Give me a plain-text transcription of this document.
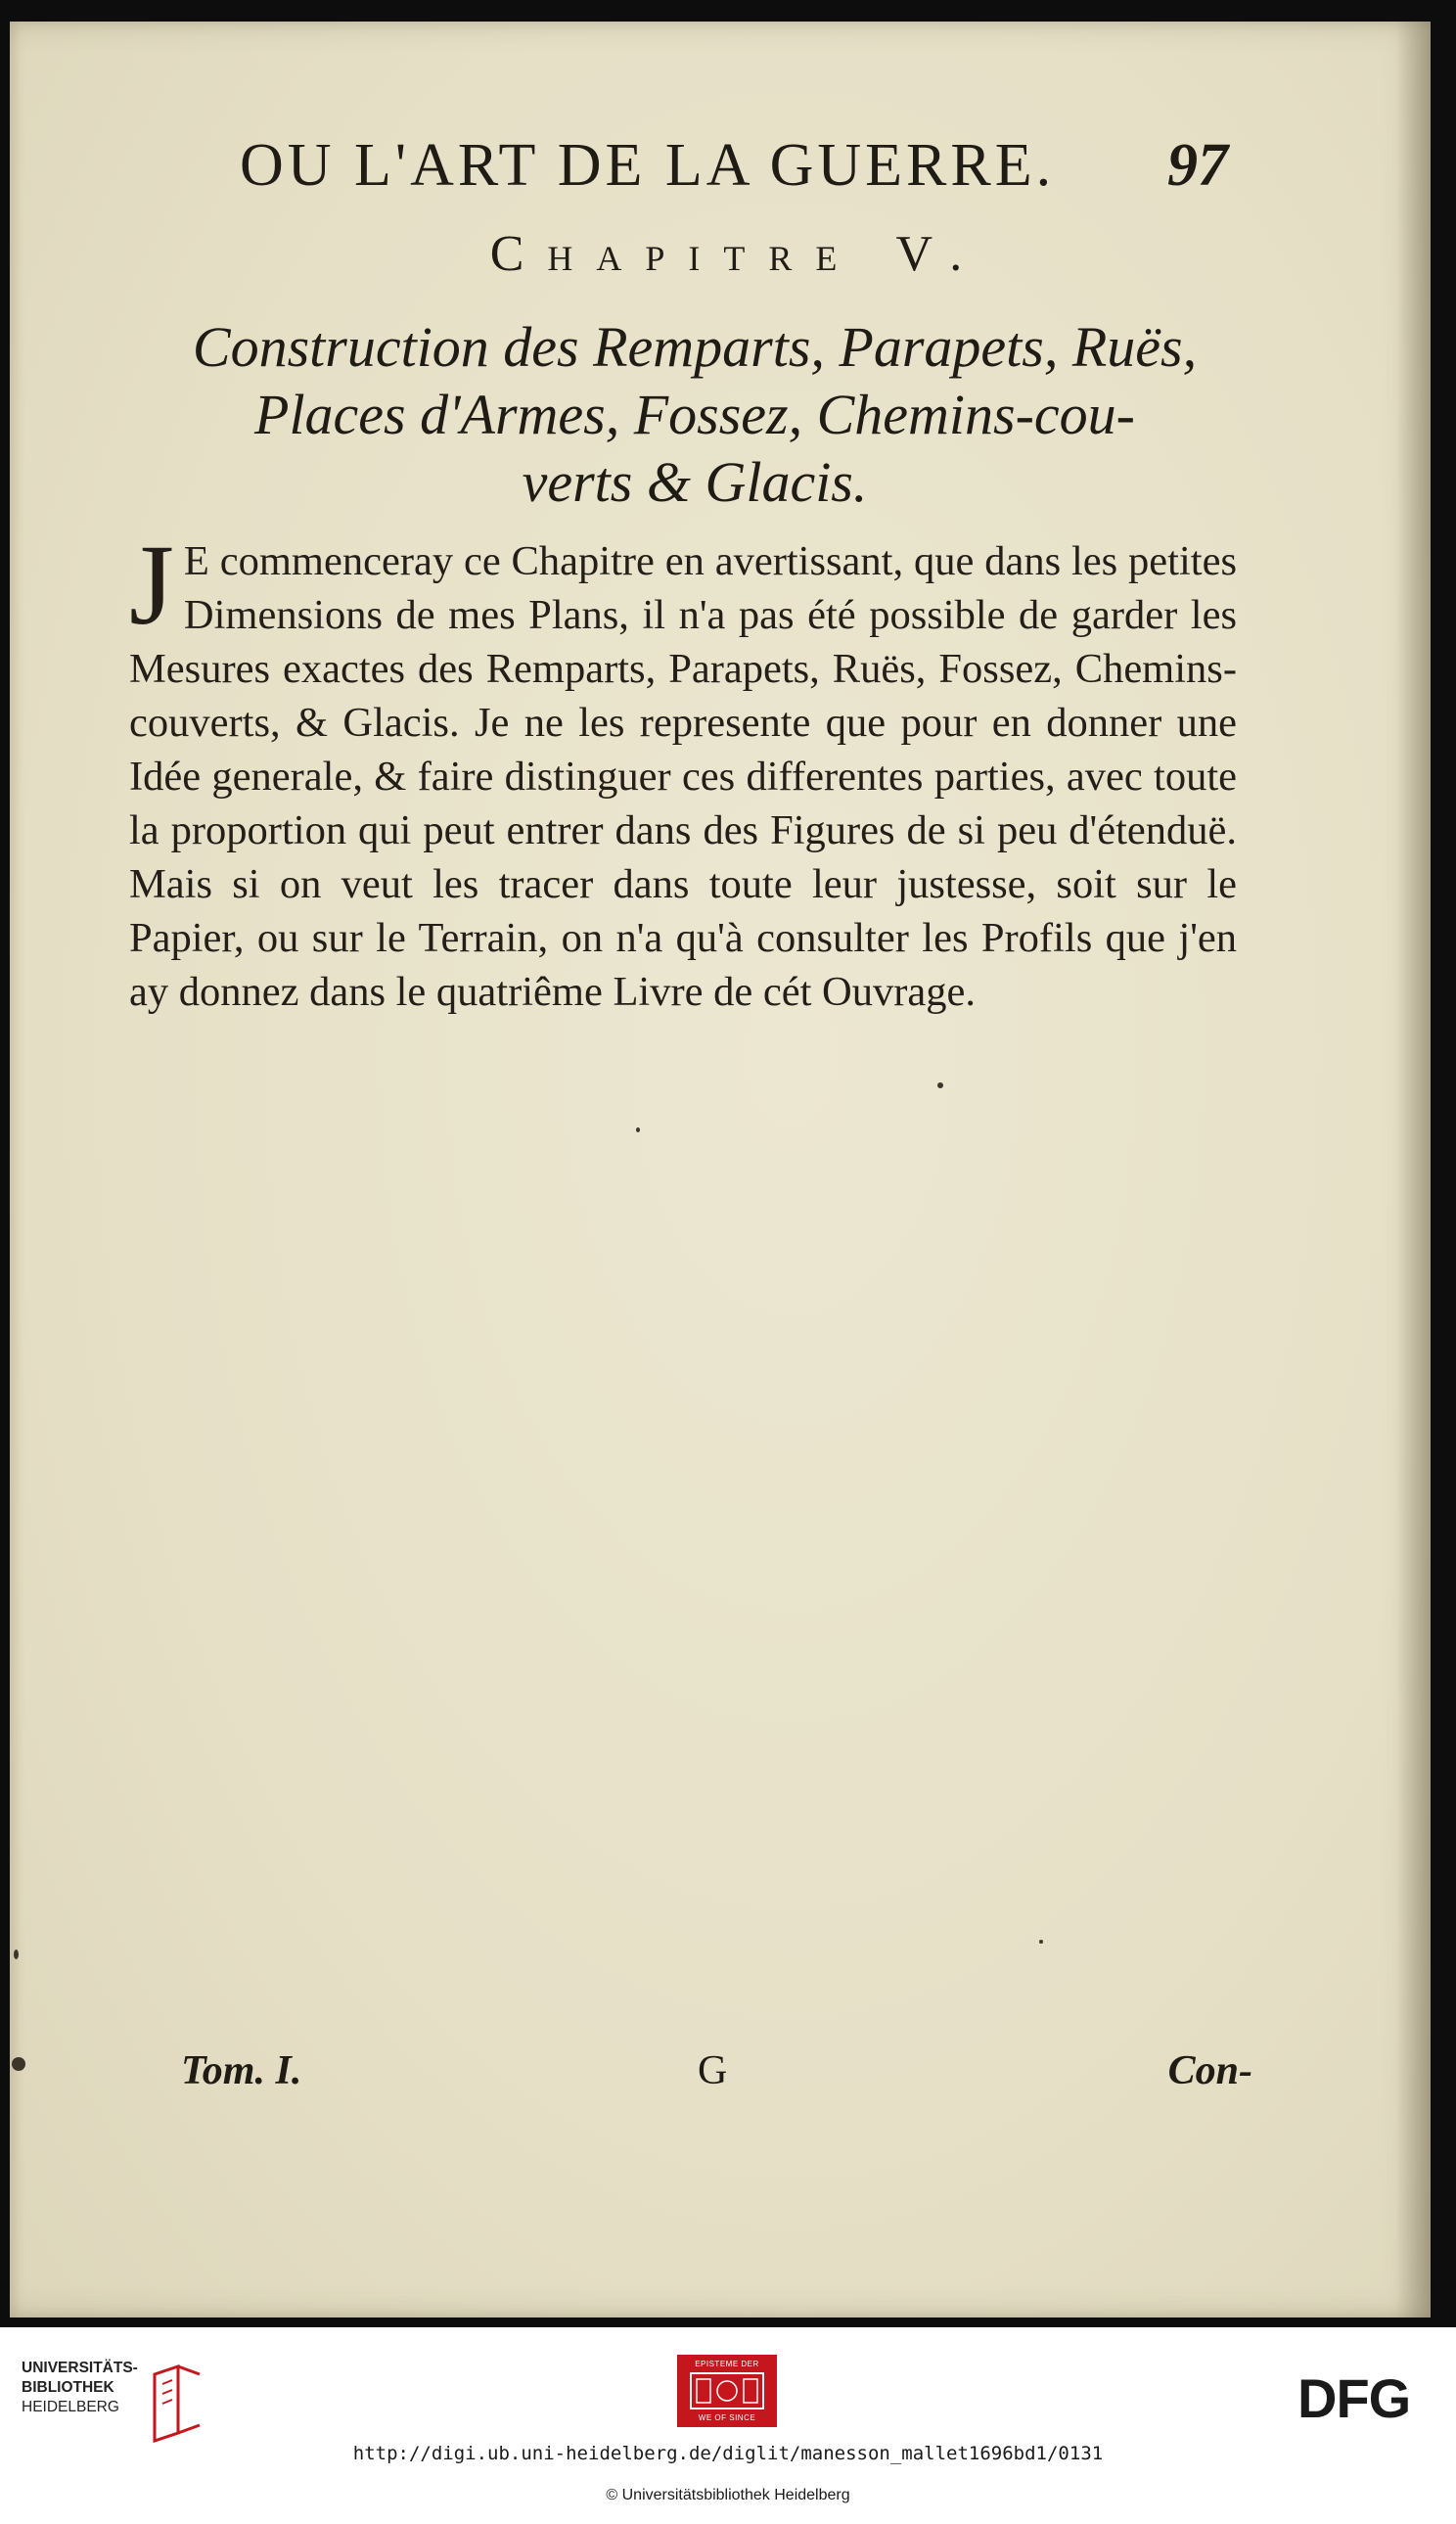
OU L'ART DE LA GUERRE.	97
Chapitre V.
Construction des Remparts, Parapets, Ruës,
Places d'Armes, Fossez, Chemins-cou-
verts & Glacis.
J E commenceray ce Chapitre en avertissant, que dans les petites Dimensions de mes Plans, il n'a pas été possible de garder les Mesures exactes des Remparts, Parapets, Ruës, Fossez, Chemins-couverts, & Glacis. Je ne les represente que pour en donner une Idée generale, & faire distinguer ces differentes parties, avec toute la proportion qui peut entrer dans des Figures de si peu d'étenduë. Mais si on veut les tracer dans toute leur justesse, soit sur le Papier, ou sur le Terrain, on n'a qu'à consulter les Profils que j'en ay donnez dans le quatriême Livre de cét Ouvrage.
Tom. I.	G	Con-
UNIVERSITÄTS-
BIBLIOTHEK
HEIDELBERG
EPISTEME DER
WE OF SINCE	DFG
http://digi.ub.uni-heidelberg.de/diglit/manesson_mallet1696bd1/0131
© Universitätsbibliothek Heidelberg
